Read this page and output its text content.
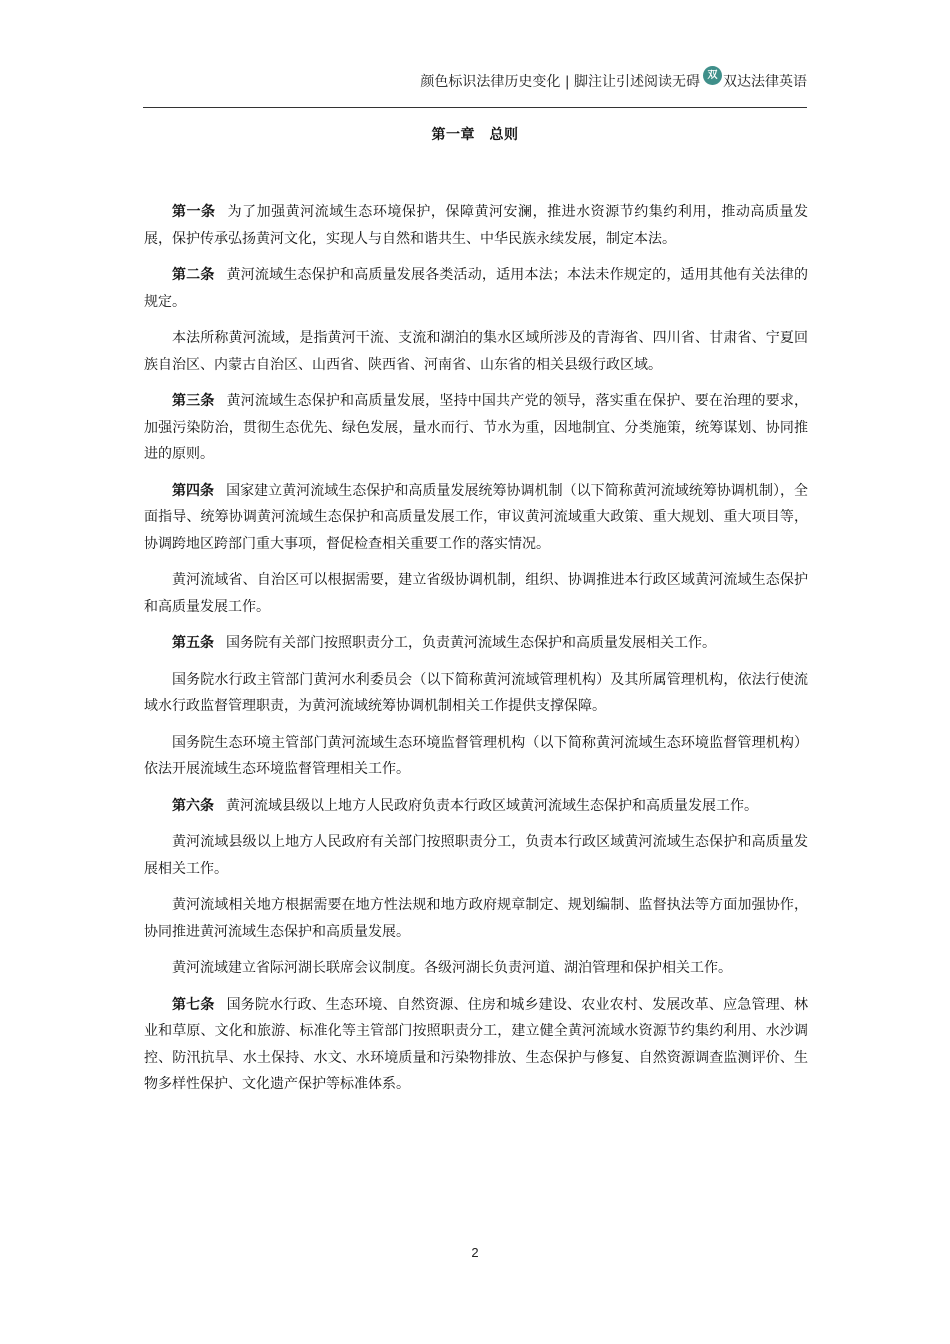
颜色标识法律历史变化 | 脚注让引述阅读无碍 双 双达法律英语
第一章　总则

第一条 为了加强黄河流域生态环境保护，保障黄河安澜，推进水资源节约集约利用，推动高质量发展，保护传承弘扬黄河文化，实现人与自然和谐共生、中华民族永续发展，制定本法。

第二条 黄河流域生态保护和高质量发展各类活动，适用本法；本法未作规定的，适用其他有关法律的规定。

本法所称黄河流域，是指黄河干流、支流和湖泊的集水区域所涉及的青海省、四川省、甘肃省、宁夏回族自治区、内蒙古自治区、山西省、陕西省、河南省、山东省的相关县级行政区域。

第三条 黄河流域生态保护和高质量发展，坚持中国共产党的领导，落实重在保护、要在治理的要求，加强污染防治，贯彻生态优先、绿色发展，量水而行、节水为重，因地制宜、分类施策，统筹谋划、协同推进的原则。

第四条 国家建立黄河流域生态保护和高质量发展统筹协调机制（以下简称黄河流域统筹协调机制），全面指导、统筹协调黄河流域生态保护和高质量发展工作，审议黄河流域重大政策、重大规划、重大项目等，协调跨地区跨部门重大事项，督促检查相关重要工作的落实情况。

黄河流域省、自治区可以根据需要，建立省级协调机制，组织、协调推进本行政区域黄河流域生态保护和高质量发展工作。

第五条 国务院有关部门按照职责分工，负责黄河流域生态保护和高质量发展相关工作。

国务院水行政主管部门黄河水利委员会（以下简称黄河流域管理机构）及其所属管理机构，依法行使流域水行政监督管理职责，为黄河流域统筹协调机制相关工作提供支撑保障。

国务院生态环境主管部门黄河流域生态环境监督管理机构（以下简称黄河流域生态环境监督管理机构）依法开展流域生态环境监督管理相关工作。

第六条 黄河流域县级以上地方人民政府负责本行政区域黄河流域生态保护和高质量发展工作。

黄河流域县级以上地方人民政府有关部门按照职责分工，负责本行政区域黄河流域生态保护和高质量发展相关工作。

黄河流域相关地方根据需要在地方性法规和地方政府规章制定、规划编制、监督执法等方面加强协作，协同推进黄河流域生态保护和高质量发展。

黄河流域建立省际河湖长联席会议制度。各级河湖长负责河道、湖泊管理和保护相关工作。

第七条 国务院水行政、生态环境、自然资源、住房和城乡建设、农业农村、发展改革、应急管理、林业和草原、文化和旅游、标准化等主管部门按照职责分工，建立健全黄河流域水资源节约集约利用、水沙调控、防汛抗旱、水土保持、水文、水环境质量和污染物排放、生态保护与修复、自然资源调查监测评价、生物多样性保护、文化遗产保护等标准体系。

2
